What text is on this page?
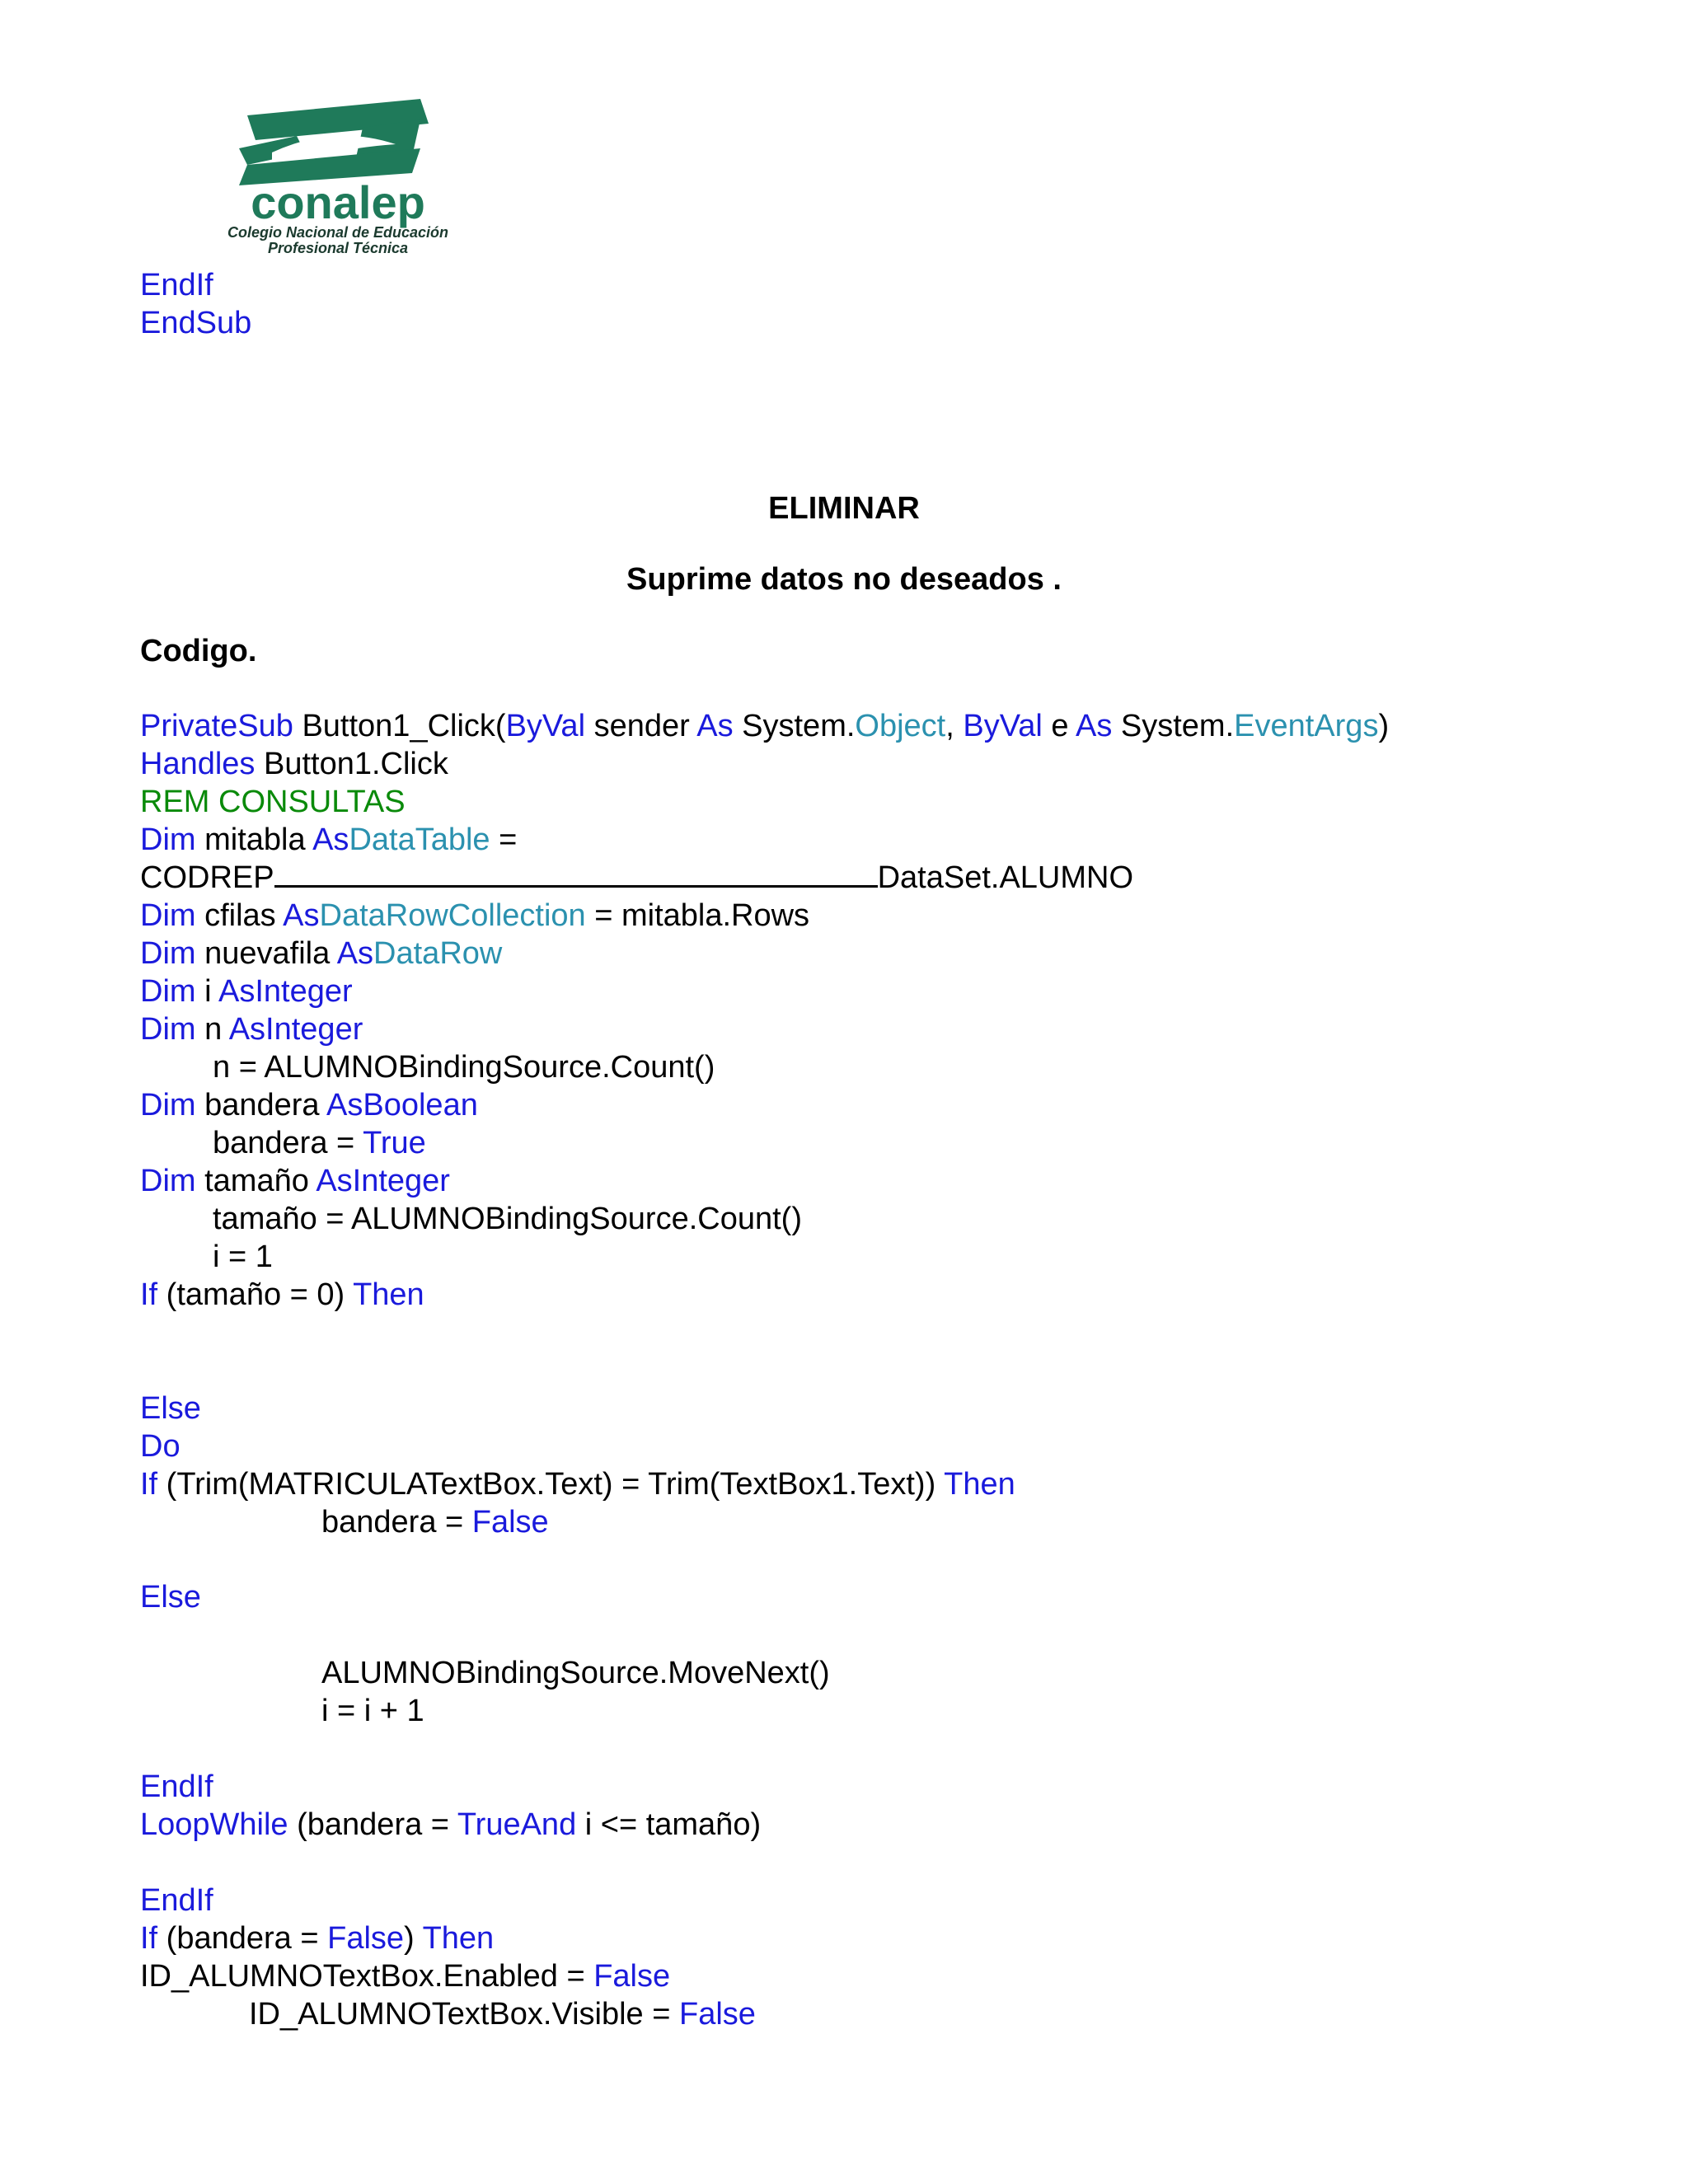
conalep
Colegio Nacional de Educación
Profesional Técnica
EndIf
EndSub
ELIMINAR
Suprime datos no deseados .
Codigo.
PrivateSub Button1_Click(ByVal sender As System.Object, ByVal e As System.EventArgs)
Handles Button1.Click
REM CONSULTAS
Dim mitabla AsDataTable =
CODREP	DataSet.ALUMNO
Dim cfilas AsDataRowCollection = mitabla.Rows
Dim nuevafila AsDataRow
Dim i AsInteger
Dim n AsInteger
n = ALUMNOBindingSource.Count()
Dim bandera AsBoolean
bandera = True
Dim tamaño AsInteger
tamaño = ALUMNOBindingSource.Count()
i = 1
If (tamaño = 0) Then
Else
Do
If (Trim(MATRICULATextBox.Text) = Trim(TextBox1.Text)) Then
bandera = False
Else
ALUMNOBindingSource.MoveNext()
i = i + 1
EndIf
LoopWhile (bandera = TrueAnd i <= tamaño)
EndIf
If (bandera = False) Then
ID_ALUMNOTextBox.Enabled = False
ID_ALUMNOTextBox.Visible = False
